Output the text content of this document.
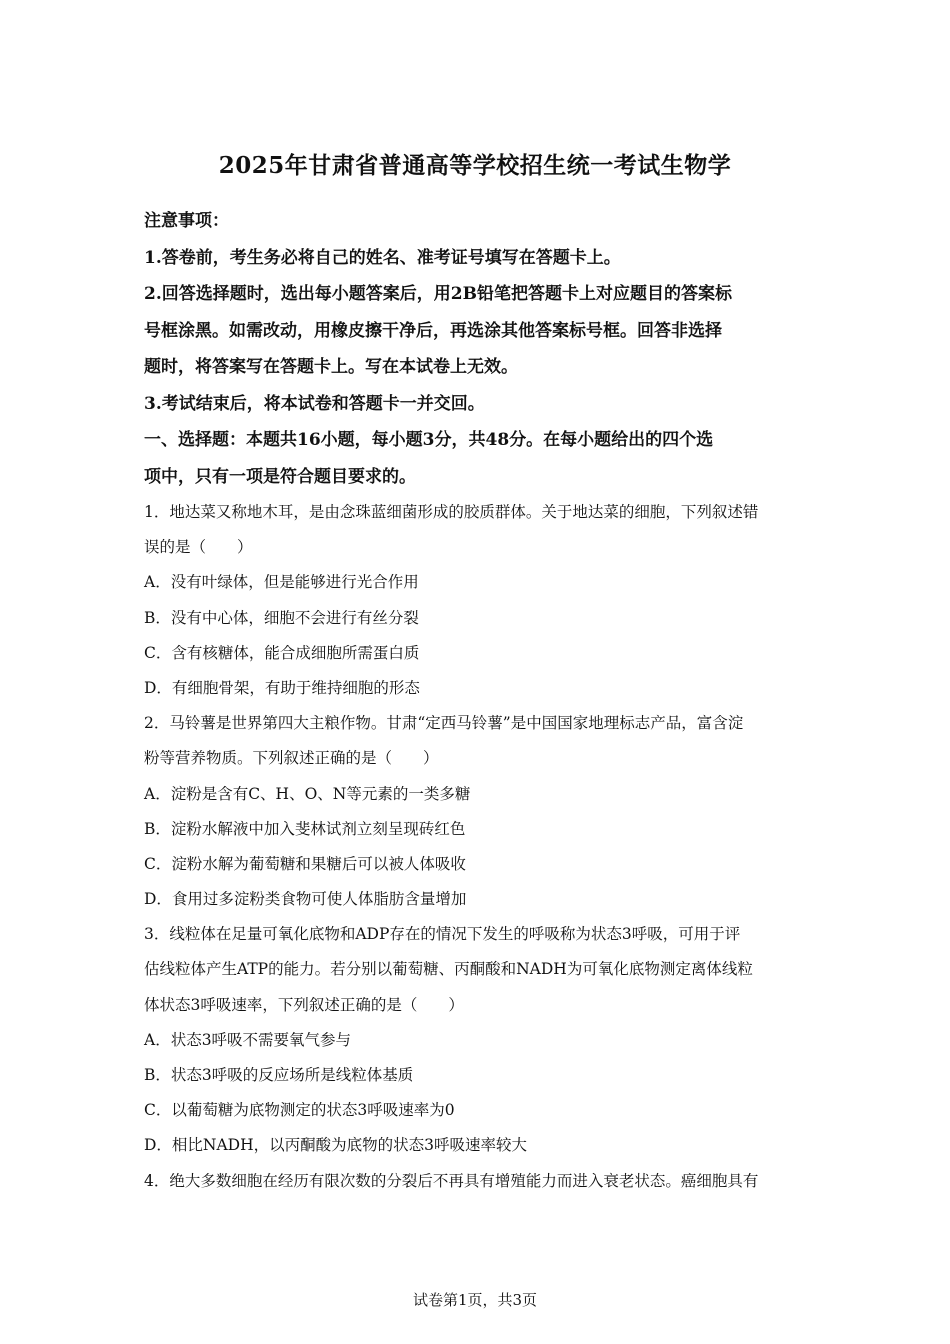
2025年甘肃省普通高等学校招生统一考试生物学
注意事项：
1.答卷前，考生务必将自己的姓名、准考证号填写在答题卡上。
2.回答选择题时，选出每小题答案后，用2B铅笔把答题卡上对应题目的答案标
号框涂黑。如需改动，用橡皮擦干净后，再选涂其他答案标号框。回答非选择
题时，将答案写在答题卡上。写在本试卷上无效。
3.考试结束后，将本试卷和答题卡一并交回。
一、选择题：本题共16小题，每小题3分，共48分。在每小题给出的四个选
项中，只有一项是符合题目要求的。
1．地达菜又称地木耳，是由念珠蓝细菌形成的胶质群体。关于地达菜的细胞，下列叙述错
误的是（　　）
A．没有叶绿体，但是能够进行光合作用
B．没有中心体，细胞不会进行有丝分裂
C．含有核糖体，能合成细胞所需蛋白质
D．有细胞骨架，有助于维持细胞的形态
2．马铃薯是世界第四大主粮作物。甘肃“定西马铃薯”是中国国家地理标志产品，富含淀
粉等营养物质。下列叙述正确的是（　　）
A．淀粉是含有C、H、O、N等元素的一类多糖
B．淀粉水解液中加入斐林试剂立刻呈现砖红色
C．淀粉水解为葡萄糖和果糖后可以被人体吸收
D．食用过多淀粉类食物可使人体脂肪含量增加
3．线粒体在足量可氧化底物和ADP存在的情况下发生的呼吸称为状态3呼吸，可用于评
估线粒体产生ATP的能力。若分别以葡萄糖、丙酮酸和NADH为可氧化底物测定离体线粒
体状态3呼吸速率，下列叙述正确的是（　　）
A．状态3呼吸不需要氧气参与
B．状态3呼吸的反应场所是线粒体基质
C．以葡萄糖为底物测定的状态3呼吸速率为0
D．相比NADH，以丙酮酸为底物的状态3呼吸速率较大
4．绝大多数细胞在经历有限次数的分裂后不再具有增殖能力而进入衰老状态。癌细胞具有
试卷第1页，共3页
